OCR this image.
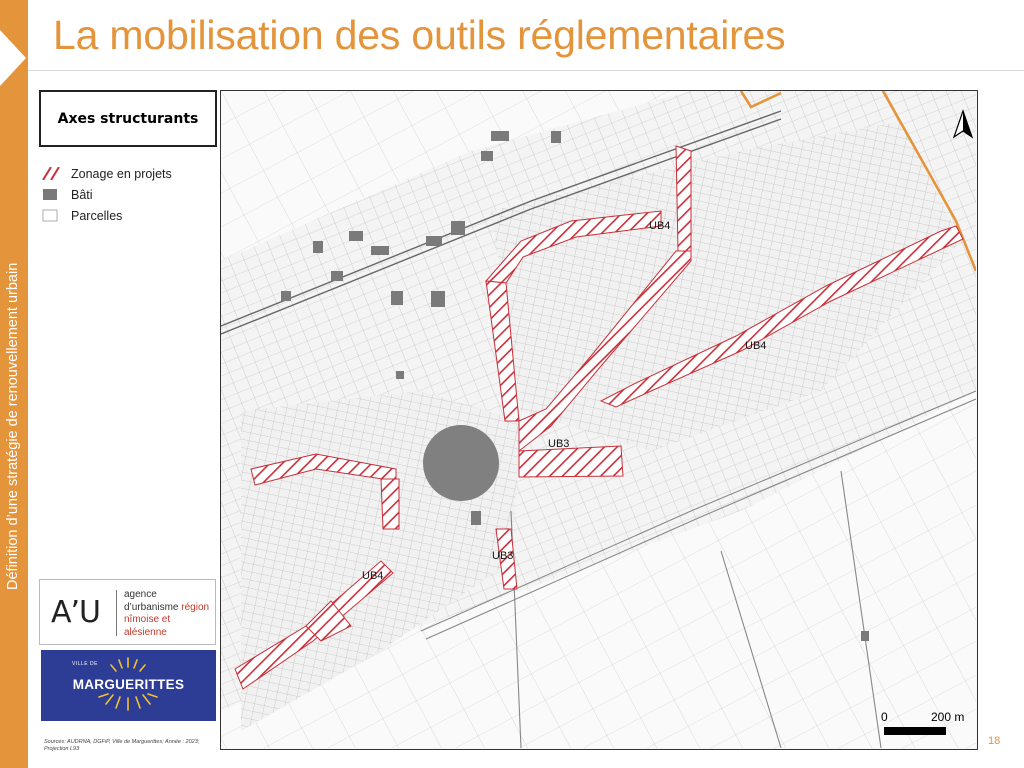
Définition d’une stratégie de renouvellement urbain
La mobilisation des outils réglementaires
Axes structurants
Zonage en projets
Bâti
Parcelles
A’U
agence
d’urbanisme région
nîmoise et alésienne
VILLE DE
MARGUERITTES
Sources: AUDRNA, DGFiP, Ville de Marguerittes; Année : 2023; Projection L93
UB4
UB4
UB3
UB3
UB4
0	200 m
18
